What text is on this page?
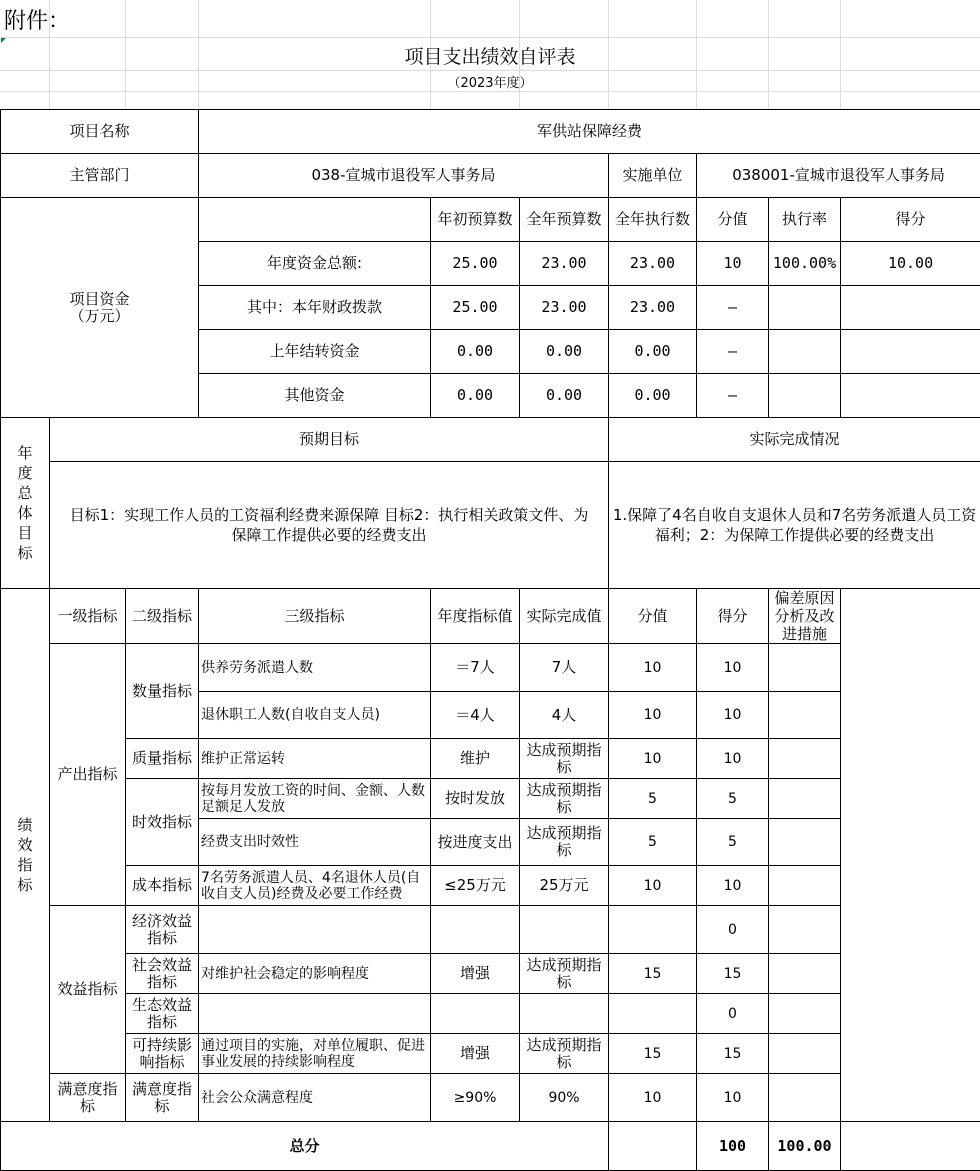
附件：
项目支出绩效自评表
（2023年度）
项目名称			军供站保障经费						
主管部门			038-宣城市退役军人事务局			实施单位	038001-宣城市退役军人事务局		
项目资金
（万元）				年初预算数	全年预算数	全年执行数	分值	执行率	得分
			年度资金总额:	25.00	23.00	23.00	10	100.00%	10.00
			其中：本年财政拨款	25.00	23.00	23.00	–		
			上年结转资金	0.00	0.00	0.00	–		
			其他资金	0.00	0.00	0.00	–		
年度总体目标	预期目标					实际完成情况			
	目标1：实现工作人员的工资福利经费来源保障 目标2：执行相关政策文件、为保障工作提供必要的经费支出					1.保障了4名自收自支退休人员和7名劳务派遣人员工资福利；2：为保障工作提供必要的经费支出			
绩效指标	一级指标	二级指标	三级指标	年度指标值	实际完成值	分值	得分	偏差原因分析及改进措施	
	产出指标	数量指标	供养劳务派遣人数	＝7人	7人	10	10		
			退休职工人数(自收自支人员)	＝4人	4人	10	10		
		质量指标	维护正常运转	维护	达成预期指标	10	10		
		时效指标	按每月发放工资的时间、金额、人数足额足人发放	按时发放	达成预期指标	5	5		
			经费支出时效性	按进度支出	达成预期指标	5	5		
		成本指标	7名劳务派遣人员、4名退休人员(自收自支人员)经费及必要工作经费	≤25万元	25万元	10	10		
	效益指标	经济效益指标					0		
		社会效益指标	对维护社会稳定的影响程度	增强	达成预期指标	15	15		
		生态效益指标					0		
		可持续影响指标	通过项目的实施，对单位履职、促进事业发展的持续影响程度	增强	达成预期指标	15	15		
	满意度指标	满意度指标	社会公众满意程度	≥90%	90%	10	10		
总分							100	100.00	
